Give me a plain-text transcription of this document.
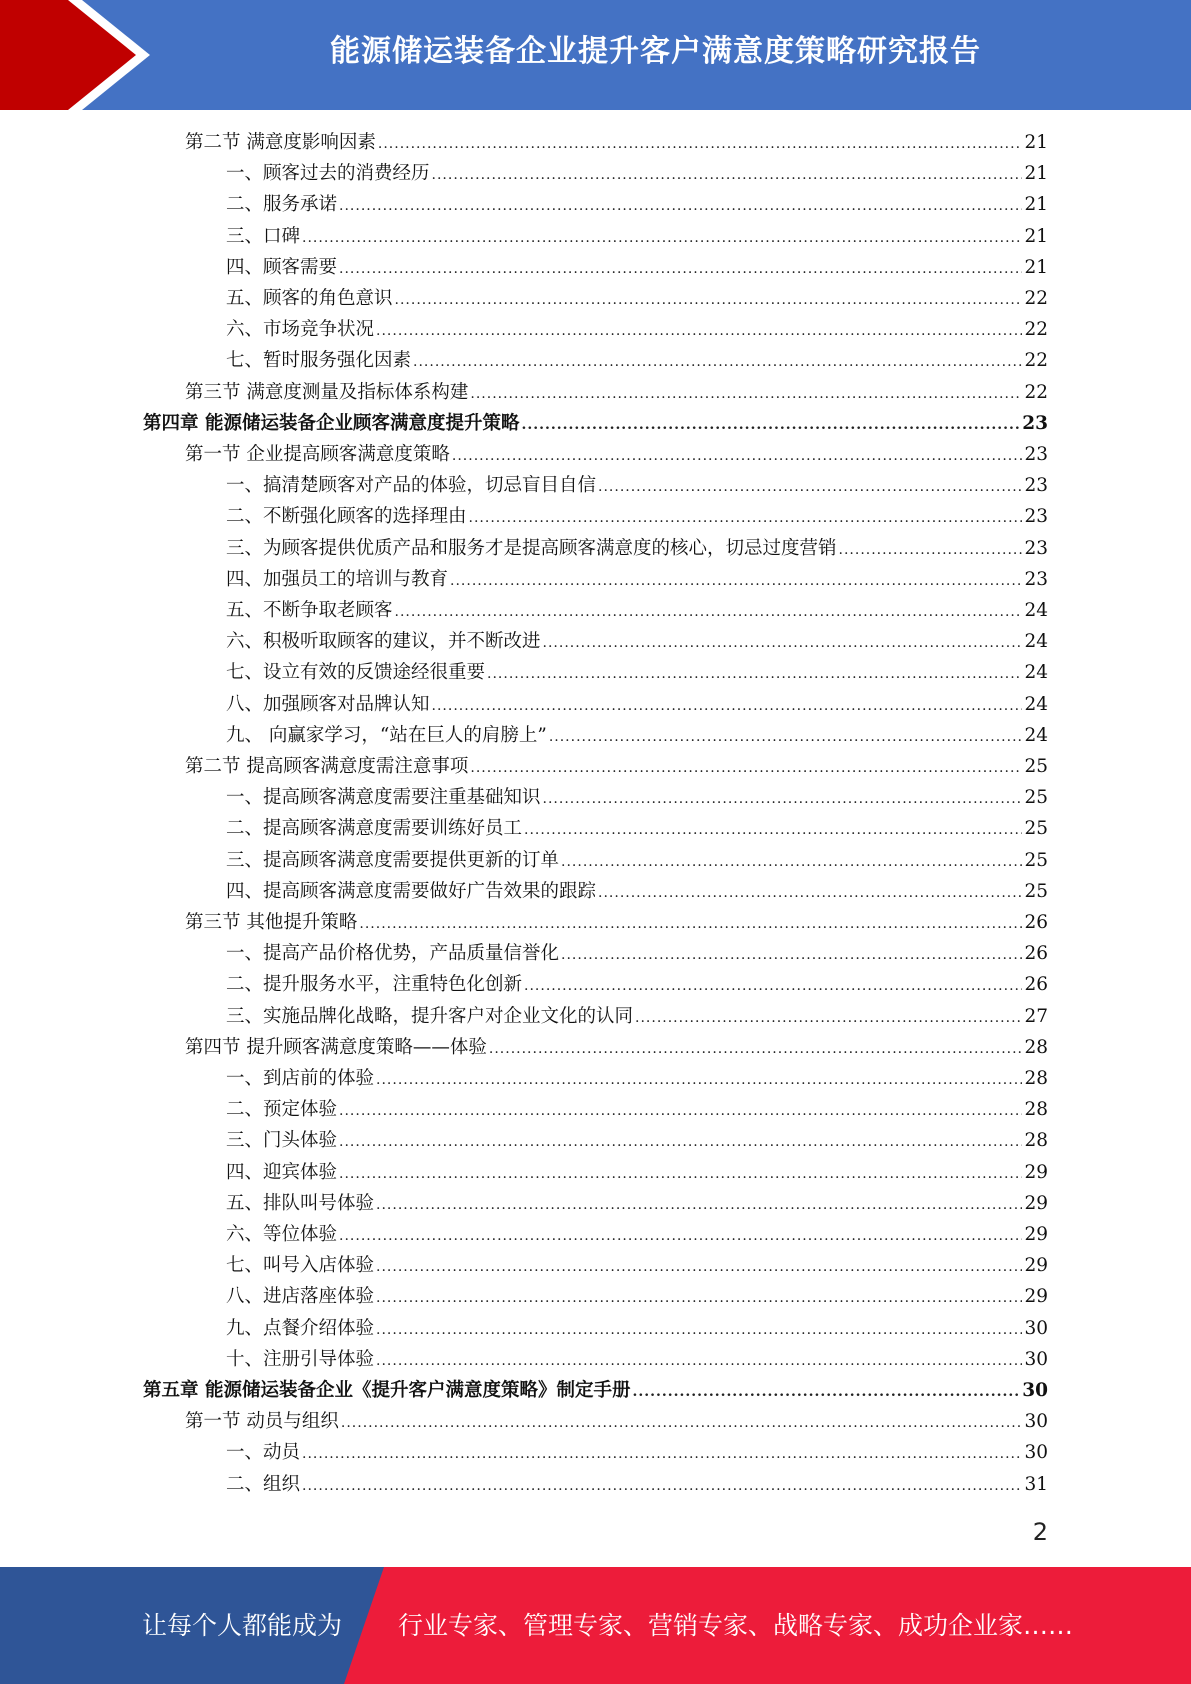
能源储运装备企业提升客户满意度策略研究报告
第二节 满意度影响因素 .....	21
一、顾客过去的消费经历 .....	21
二、服务承诺 .....	21
三、口碑 .....	21
四、顾客需要 .....	21
五、顾客的角色意识 .....	22
六、市场竞争状况 .....	22
七、暂时服务强化因素 .....	22
第三节 满意度测量及指标体系构建 .....	22
第四章 能源储运装备企业顾客满意度提升策略 .....	23
第一节 企业提高顾客满意度策略 .....	23
一、搞清楚顾客对产品的体验，切忌盲目自信 .....	23
二、不断强化顾客的选择理由 .....	23
三、为顾客提供优质产品和服务才是提高顾客满意度的核心，切忌过度营销 .....	23
四、加强员工的培训与教育 .....	23
五、不断争取老顾客 .....	24
六、积极听取顾客的建议，并不断改进 .....	24
七、设立有效的反馈途经很重要 .....	24
八、加强顾客对品牌认知 .....	24
九、 向赢家学习，“站在巨人的肩膀上” .....	24
第二节 提高顾客满意度需注意事项 .....	25
一、提高顾客满意度需要注重基础知识 .....	25
二、提高顾客满意度需要训练好员工 .....	25
三、提高顾客满意度需要提供更新的订单 .....	25
四、提高顾客满意度需要做好广告效果的跟踪 .....	25
第三节 其他提升策略 .....	26
一、提高产品价格优势，产品质量信誉化 .....	26
二、提升服务水平，注重特色化创新 .....	26
三、实施品牌化战略，提升客户对企业文化的认同 .....	27
第四节 提升顾客满意度策略——体验 .....	28
一、到店前的体验 .....	28
二、预定体验 .....	28
三、门头体验 .....	28
四、迎宾体验 .....	29
五、排队叫号体验 .....	29
六、等位体验 .....	29
七、叫号入店体验 .....	29
八、进店落座体验 .....	29
九、点餐介绍体验 .....	30
十、注册引导体验 .....	30
第五章 能源储运装备企业《提升客户满意度策略》制定手册 .....	30
第一节 动员与组织 .....	30
一、动员 .....	30
二、组织 .....	31
2
让每个人都能成为 行业专家、管理专家、营销专家、战略专家、成功企业家……
